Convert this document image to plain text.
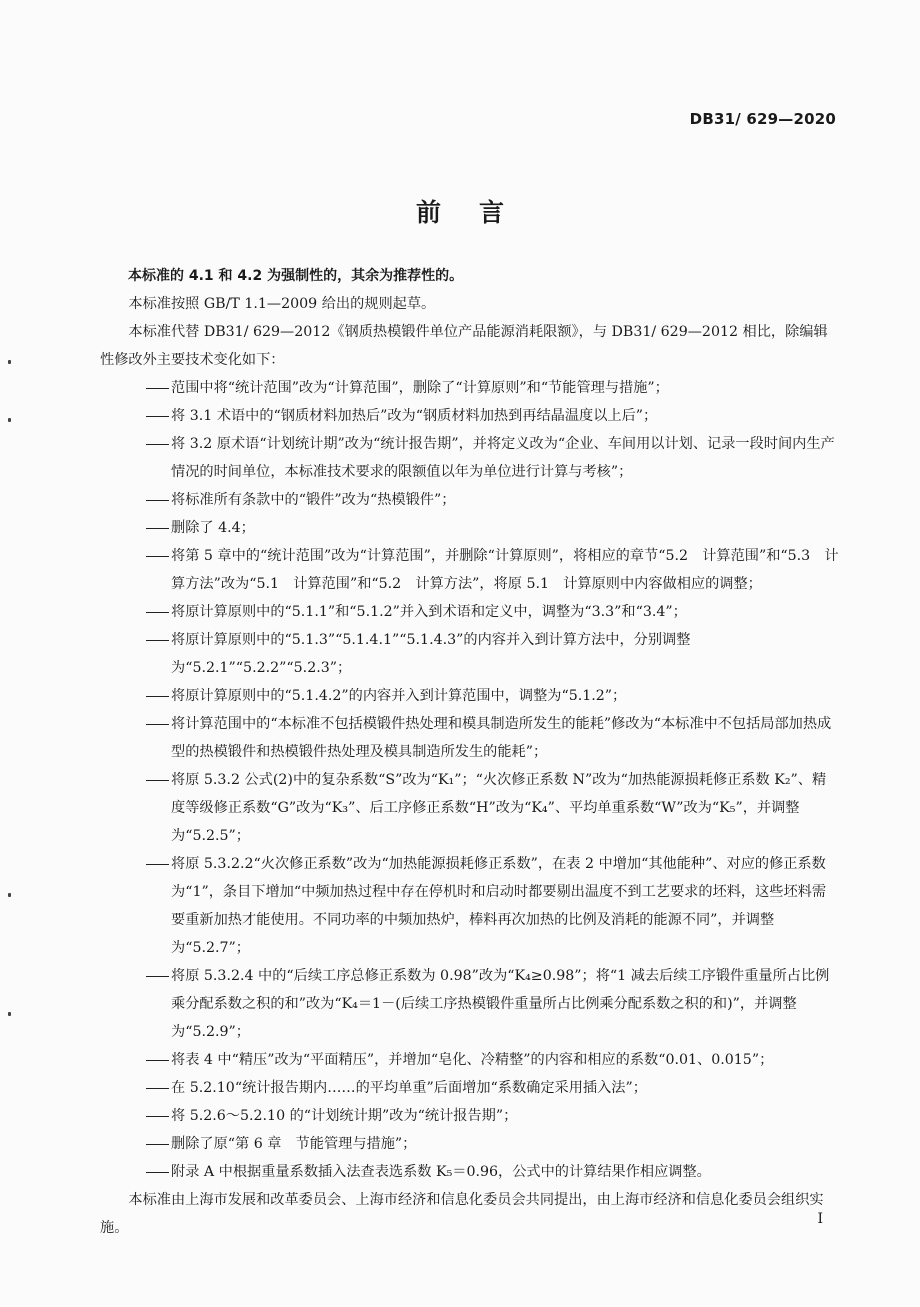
DB31/ 629—2020
前言

本标准的 4.1 和 4.2 为强制性的，其余为推荐性的。

本标准按照 GB/T 1.1—2009 给出的规则起草。

本标准代替 DB31/ 629—2012《钢质热模锻件单位产品能源消耗限额》，与 DB31/ 629—2012 相比，除编辑性修改外主要技术变化如下：

范围中将“统计范围”改为“计算范围”，删除了“计算原则”和“节能管理与措施”；

将 3.1 术语中的“钢质材料加热后”改为“钢质材料加热到再结晶温度以上后”；

将 3.2 原术语“计划统计期”改为“统计报告期”，并将定义改为“企业、车间用以计划、记录一段时间内生产情况的时间单位，本标准技术要求的限额值以年为单位进行计算与考核”；

将标准所有条款中的“锻件”改为“热模锻件”；

删除了 4.4；

将第 5 章中的“统计范围”改为“计算范围”，并删除“计算原则”，将相应的章节“5.2　计算范围”和“5.3　计算方法”改为“5.1　计算范围”和“5.2　计算方法”，将原 5.1　计算原则中内容做相应的调整；

将原计算原则中的“5.1.1”和“5.1.2”并入到术语和定义中，调整为“3.3”和“3.4”；

将原计算原则中的“5.1.3”“5.1.4.1”“5.1.4.3”的内容并入到计算方法中，分别调整为“5.2.1”“5.2.2”“5.2.3”；

将原计算原则中的“5.1.4.2”的内容并入到计算范围中，调整为“5.1.2”；

将计算范围中的“本标准不包括模锻件热处理和模具制造所发生的能耗”修改为“本标准中不包括局部加热成型的热模锻件和热模锻件热处理及模具制造所发生的能耗”；

将原 5.3.2 公式(2)中的复杂系数“S”改为“K₁”；“火次修正系数 N”改为“加热能源损耗修正系数 K₂”、精度等级修正系数“G”改为“K₃”、后工序修正系数“H”改为“K₄”、平均单重系数“W”改为“K₅”，并调整为“5.2.5”；

将原 5.3.2.2“火次修正系数”改为“加热能源损耗修正系数”，在表 2 中增加“其他能种”、对应的修正系数为“1”，条目下增加“中频加热过程中存在停机时和启动时都要剔出温度不到工艺要求的坯料，这些坯料需要重新加热才能使用。不同功率的中频加热炉，棒料再次加热的比例及消耗的能源不同”，并调整为“5.2.7”；

将原 5.3.2.4 中的“后续工序总修正系数为 0.98”改为“K₄≥0.98”；将“1 减去后续工序锻件重量所占比例乘分配系数之积的和”改为“K₄＝1－(后续工序热模锻件重量所占比例乘分配系数之积的和)”，并调整为“5.2.9”；

将表 4 中“精压”改为“平面精压”，并增加“皂化、冷精整”的内容和相应的系数“0.01、0.015”；

在 5.2.10“统计报告期内……的平均单重”后面增加“系数确定采用插入法”；

将 5.2.6～5.2.10 的“计划统计期”改为“统计报告期”；

删除了原“第 6 章　节能管理与措施”；

附录 A 中根据重量系数插入法查表选系数 K₅＝0.96，公式中的计算结果作相应调整。

本标准由上海市发展和改革委员会、上海市经济和信息化委员会共同提出，由上海市经济和信息化委员会组织实施。

I
